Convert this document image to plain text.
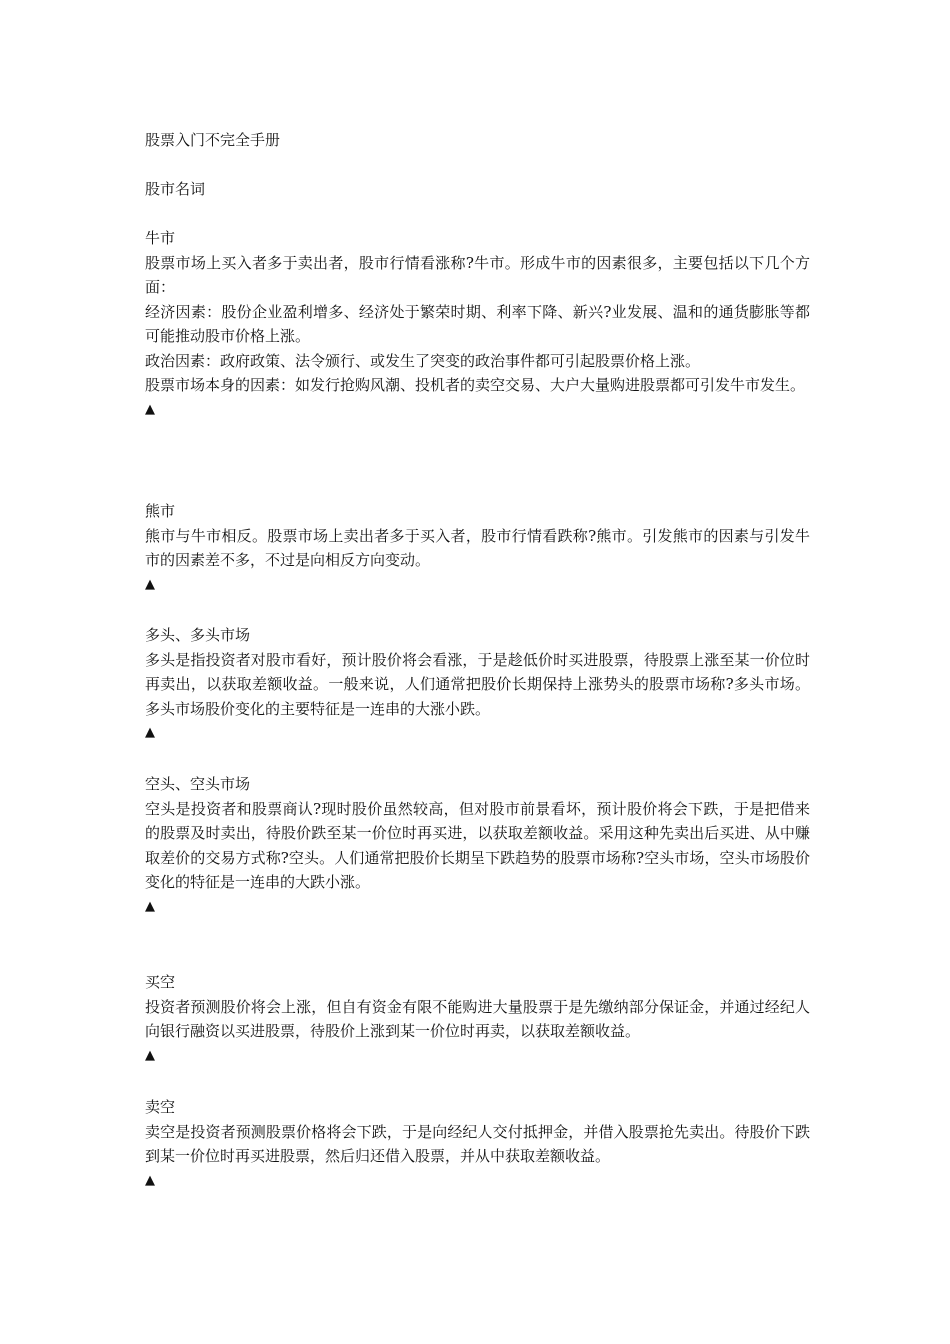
股票入门不完全手册
股市名词
牛市

股票市场上买入者多于卖出者，股市行情看涨称?牛市。形成牛市的因素很多，主要包括以下几个方面：

经济因素：股份企业盈利增多、经济处于繁荣时期、利率下降、新兴?业发展、温和的通货膨胀等都可能推动股市价格上涨。

政治因素：政府政策、法令颁行、或发生了突变的政治事件都可引起股票价格上涨。

股票市场本身的因素：如发行抢购风潮、投机者的卖空交易、大户大量购进股票都可引发牛市发生。

▲

熊市

熊市与牛市相反。股票市场上卖出者多于买入者，股市行情看跌称?熊市。引发熊市的因素与引发牛市的因素差不多，不过是向相反方向变动。

▲

多头、多头市场

多头是指投资者对股市看好，预计股价将会看涨，于是趁低价时买进股票，待股票上涨至某一价位时再卖出，以获取差额收益。一般来说，人们通常把股价长期保持上涨势头的股票市场称?多头市场。多头市场股价变化的主要特征是一连串的大涨小跌。

▲

空头、空头市场

空头是投资者和股票商认?现时股价虽然较高，但对股市前景看坏，预计股价将会下跌，于是把借来的股票及时卖出，待股价跌至某一价位时再买进，以获取差额收益。采用这种先卖出后买进、从中赚取差价的交易方式称?空头。人们通常把股价长期呈下跌趋势的股票市场称?空头市场，空头市场股价变化的特征是一连串的大跌小涨。

▲

买空

投资者预测股价将会上涨，但自有资金有限不能购进大量股票于是先缴纳部分保证金，并通过经纪人向银行融资以买进股票，待股价上涨到某一价位时再卖，以获取差额收益。

▲

卖空

卖空是投资者预测股票价格将会下跌，于是向经纪人交付抵押金，并借入股票抢先卖出。待股价下跌到某一价位时再买进股票，然后归还借入股票，并从中获取差额收益。

▲
